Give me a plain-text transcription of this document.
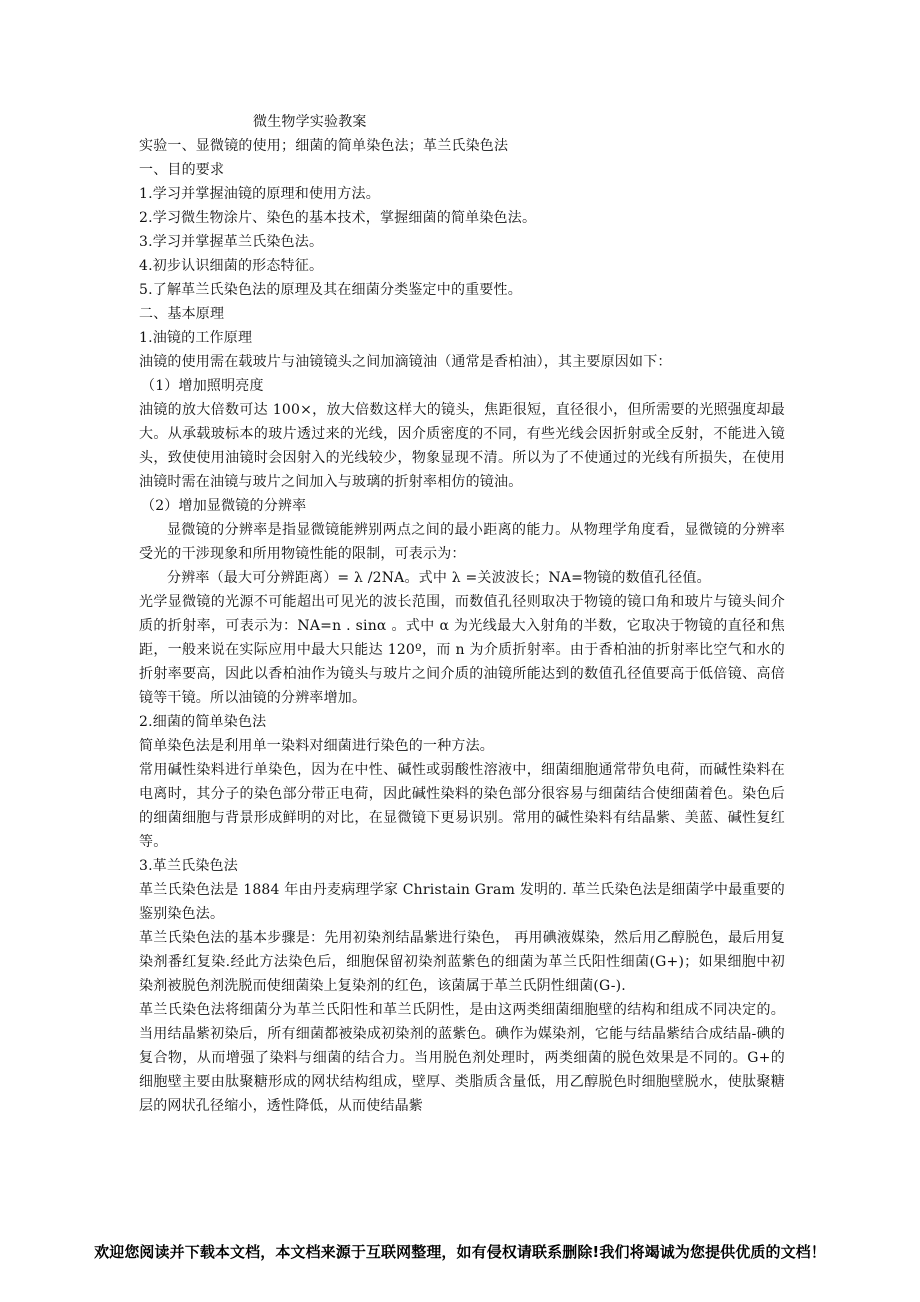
微生物学实验教案

实验一、显微镜的使用；细菌的简单染色法；革兰氏染色法

一、目的要求

1.学习并掌握油镜的原理和使用方法。

2.学习微生物涂片、染色的基本技术，掌握细菌的简单染色法。

3.学习并掌握革兰氏染色法。

4.初步认识细菌的形态特征。

5.了解革兰氏染色法的原理及其在细菌分类鉴定中的重要性。

二、基本原理

1.油镜的工作原理

油镜的使用需在载玻片与油镜镜头之间加滴镜油（通常是香柏油），其主要原因如下：

（1）增加照明亮度

油镜的放大倍数可达 100×，放大倍数这样大的镜头，焦距很短，直径很小，但所需要的光照强度却最大。从承载玻标本的玻片透过来的光线，因介质密度的不同，有些光线会因折射或全反射，不能进入镜头，致使使用油镜时会因射入的光线较少，物象显现不清。所以为了不使通过的光线有所损失，在使用油镜时需在油镜与玻片之间加入与玻璃的折射率相仿的镜油。

（2）增加显微镜的分辨率

显微镜的分辨率是指显微镜能辨别两点之间的最小距离的能力。从物理学角度看，显微镜的分辨率受光的干涉现象和所用物镜性能的限制，可表示为：

分辨率（最大可分辨距离）= λ /2NA。式中 λ =关波波长；NA=物镜的数值孔径值。

光学显微镜的光源不可能超出可见光的波长范围，而数值孔径则取决于物镜的镜口角和玻片与镜头间介质的折射率，可表示为：NA=n . sinα 。式中 α 为光线最大入射角的半数，它取决于物镜的直径和焦距，一般来说在实际应用中最大只能达 120º，而 n 为介质折射率。由于香柏油的折射率比空气和水的折射率要高，因此以香柏油作为镜头与玻片之间介质的油镜所能达到的数值孔径值要高于低倍镜、高倍镜等干镜。所以油镜的分辨率增加。

2.细菌的简单染色法

简单染色法是利用单一染料对细菌进行染色的一种方法。

常用碱性染料进行单染色，因为在中性、碱性或弱酸性溶液中，细菌细胞通常带负电荷，而碱性染料在电离时，其分子的染色部分带正电荷，因此碱性染料的染色部分很容易与细菌结合使细菌着色。染色后的细菌细胞与背景形成鲜明的对比，在显微镜下更易识别。常用的碱性染料有结晶紫、美蓝、碱性复红等。

3.革兰氏染色法

革兰氏染色法是 1884 年由丹麦病理学家 Christain Gram 发明的. 革兰氏染色法是细菌学中最重要的鉴别染色法。

革兰氏染色法的基本步骤是：先用初染剂结晶紫进行染色， 再用碘液媒染，然后用乙醇脱色，最后用复染剂番红复染.经此方法染色后，细胞保留初染剂蓝紫色的细菌为革兰氏阳性细菌(G+)；如果细胞中初染剂被脱色剂洗脱而使细菌染上复染剂的红色，该菌属于革兰氏阴性细菌(G-).

革兰氏染色法将细菌分为革兰氏阳性和革兰氏阴性，是由这两类细菌细胞壁的结构和组成不同决定的。当用结晶紫初染后，所有细菌都被染成初染剂的蓝紫色。碘作为媒染剂，它能与结晶紫结合成结晶-碘的复合物，从而增强了染料与细菌的结合力。当用脱色剂处理时，两类细菌的脱色效果是不同的。G+的细胞壁主要由肽聚糖形成的网状结构组成，壁厚、类脂质含量低，用乙醇脱色时细胞壁脱水，使肽聚糖层的网状孔径缩小，透性降低，从而使结晶紫

欢迎您阅读并下载本文档，本文档来源于互联网整理，如有侵权请联系删除!我们将竭诚为您提供优质的文档！
